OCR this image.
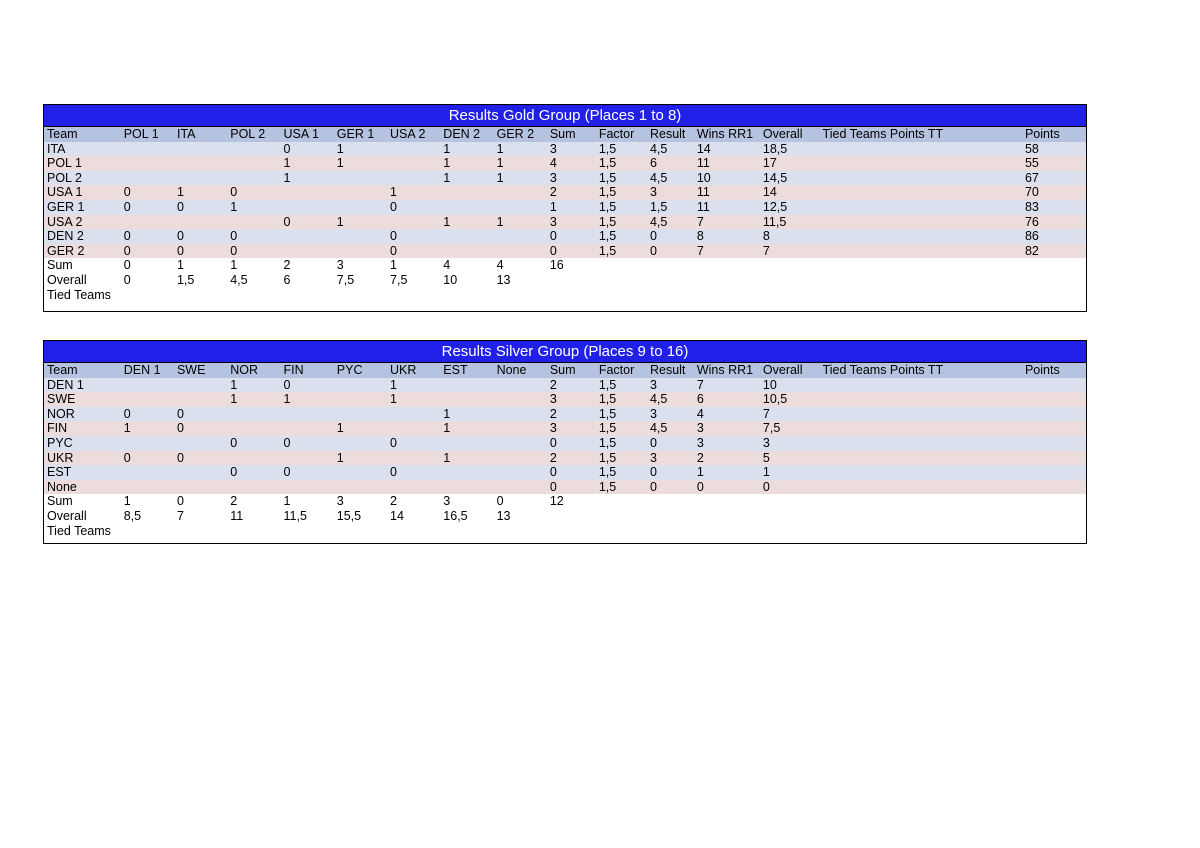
Results Gold Group (Places 1 to 8)
Team	POL 1	ITA	POL 2	USA 1	GER 1	USA 2	DEN 2	GER 2	Sum	Factor	Result	Wins RR1	Overall	Tied Teams Points TT	Points
ITA				0	1		1	1	3	1,5	4,5	14	18,5		58
POL 1				1	1		1	1	4	1,5	6	11	17		55
POL 2				1			1	1	3	1,5	4,5	10	14,5		67
USA 1	0	1	0			1			2	1,5	3	11	14		70
GER 1	0	0	1			0			1	1,5	1,5	11	12,5		83
USA 2				0	1		1	1	3	1,5	4,5	7	11,5		76
DEN 2	0	0	0			0			0	1,5	0	8	8		86
GER 2	0	0	0			0			0	1,5	0	7	7		82
Sum	0	1	1	2	3	1	4	4	16						
Overall	0	1,5	4,5	6	7,5	7,5	10	13							
Tied Teams															
Results Silver Group (Places 9 to 16)
Team	DEN 1	SWE	NOR	FIN	PYC	UKR	EST	None	Sum	Factor	Result	Wins RR1	Overall	Tied Teams Points TT	Points
DEN 1			1	0		1			2	1,5	3	7	10		
SWE			1	1		1			3	1,5	4,5	6	10,5		
NOR	0	0					1		2	1,5	3	4	7		
FIN	1	0			1		1		3	1,5	4,5	3	7,5		
PYC			0	0		0			0	1,5	0	3	3		
UKR	0	0			1		1		2	1,5	3	2	5		
EST			0	0		0			0	1,5	0	1	1		
None									0	1,5	0	0	0		
Sum	1	0	2	1	3	2	3	0	12						
Overall	8,5	7	11	11,5	15,5	14	16,5	13							
Tied Teams															
